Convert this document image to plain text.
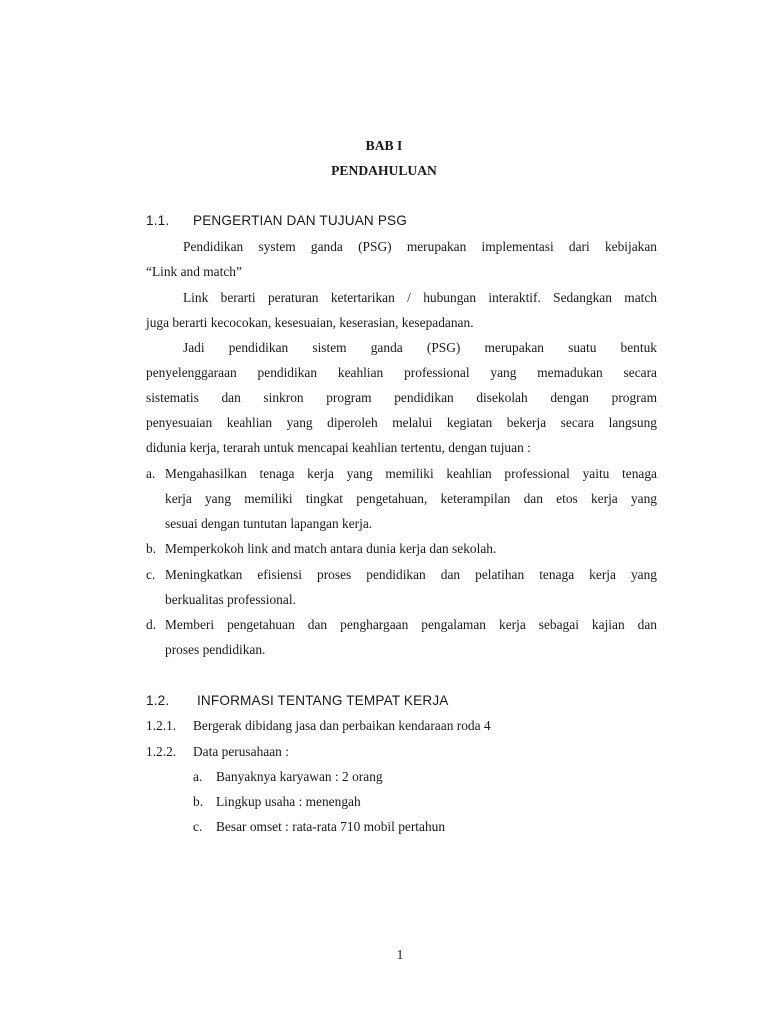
BAB I
PENDAHULUAN
1.1. PENGERTIAN DAN TUJUAN PSG
Pendidikan system ganda (PSG) merupakan implementasi dari kebijakan
“Link and match”
Link berarti peraturan ketertarikan / hubungan interaktif. Sedangkan match
juga berarti kecocokan, kesesuaian, keserasian, kesepadanan.
Jadi pendidikan sistem ganda (PSG) merupakan suatu bentuk
penyelenggaraan pendidikan keahlian professional yang memadukan secara
sistematis dan sinkron program pendidikan disekolah dengan program
penyesuaian keahlian yang diperoleh melalui kegiatan bekerja secara langsung
didunia kerja, terarah untuk mencapai keahlian tertentu, dengan tujuan :
a. Mengahasilkan tenaga kerja yang memiliki keahlian professional yaitu tenaga
kerja yang memiliki tingkat pengetahuan, keterampilan dan etos kerja yang
sesuai dengan tuntutan lapangan kerja.
b. Memperkokoh link and match antara dunia kerja dan sekolah.
c. Meningkatkan efisiensi proses pendidikan dan pelatihan tenaga kerja yang
berkualitas professional.
d. Memberi pengetahuan dan penghargaan pengalaman kerja sebagai kajian dan
proses pendidikan.
1.2. INFORMASI TENTANG TEMPAT KERJA
1.2.1. Bergerak dibidang jasa dan perbaikan kendaraan roda 4
1.2.2. Data perusahaan :
a. Banyaknya karyawan : 2 orang
b. Lingkup usaha : menengah
c. Besar omset : rata-rata 710 mobil pertahun
1
